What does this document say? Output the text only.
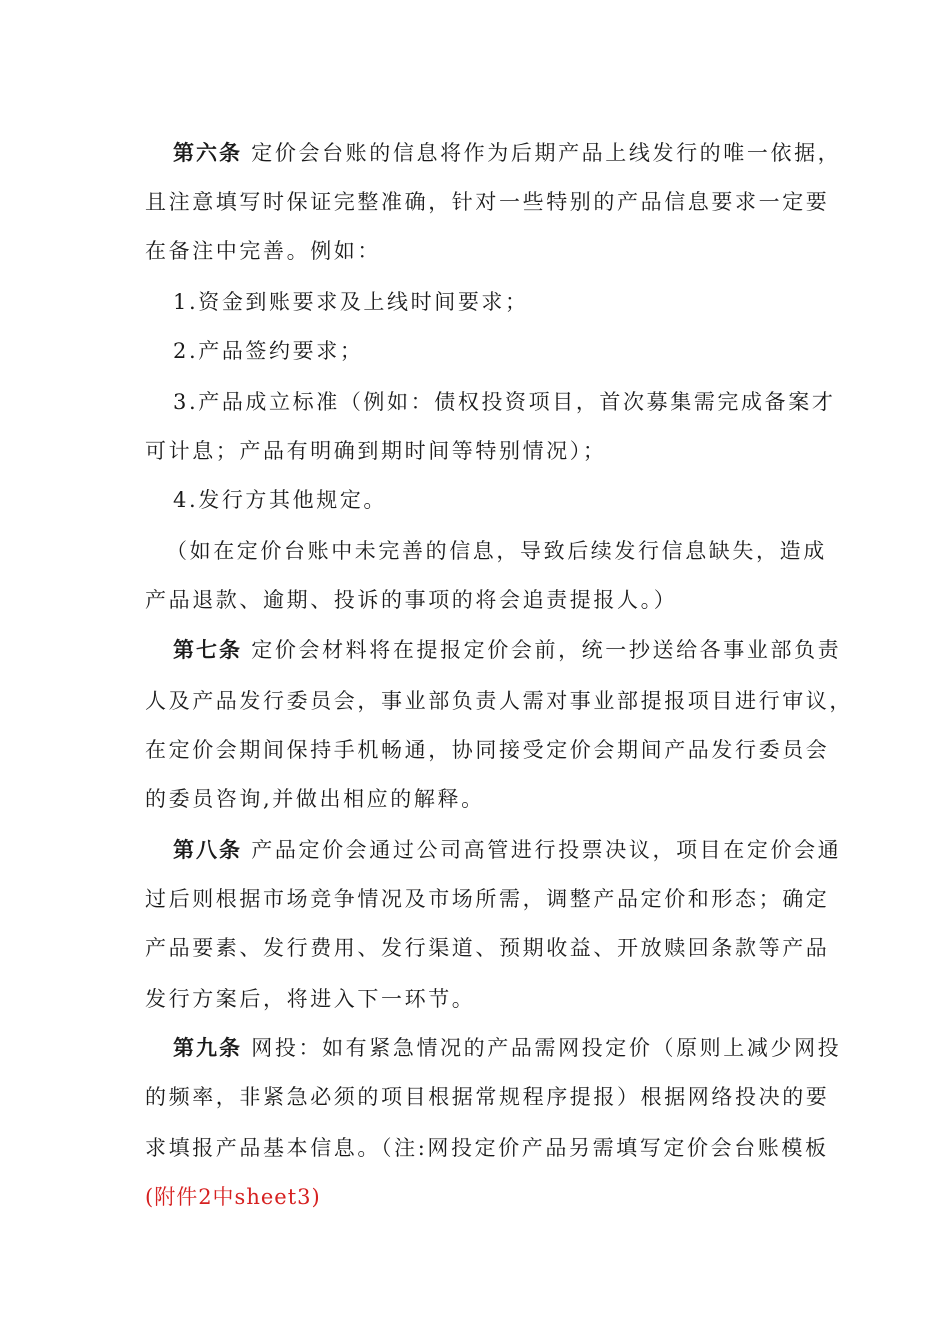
第六条 定价会台账的信息将作为后期产品上线发行的唯一依据，
且注意填写时保证完整准确，针对一些特别的产品信息要求一定要
在备注中完善。例如：
1.资金到账要求及上线时间要求；
2.产品签约要求；
3.产品成立标准（例如：债权投资项目，首次募集需完成备案才
可计息；产品有明确到期时间等特别情况）；
4.发行方其他规定。
（如在定价台账中未完善的信息，导致后续发行信息缺失，造成
产品退款、逾期、投诉的事项的将会追责提报人。）
第七条 定价会材料将在提报定价会前，统一抄送给各事业部负责
人及产品发行委员会，事业部负责人需对事业部提报项目进行审议，
在定价会期间保持手机畅通，协同接受定价会期间产品发行委员会
的委员咨询,并做出相应的解释。
第八条 产品定价会通过公司高管进行投票决议，项目在定价会通
过后则根据市场竞争情况及市场所需，调整产品定价和形态；确定
产品要素、发行费用、发行渠道、预期收益、开放赎回条款等产品
发行方案后，将进入下一环节。
第九条 网投：如有紧急情况的产品需网投定价（原则上减少网投
的频率，非紧急必须的项目根据常规程序提报）根据网络投决的要
求填报产品基本信息。（注:网投定价产品另需填写定价会台账模板
(附件2中sheet3)
